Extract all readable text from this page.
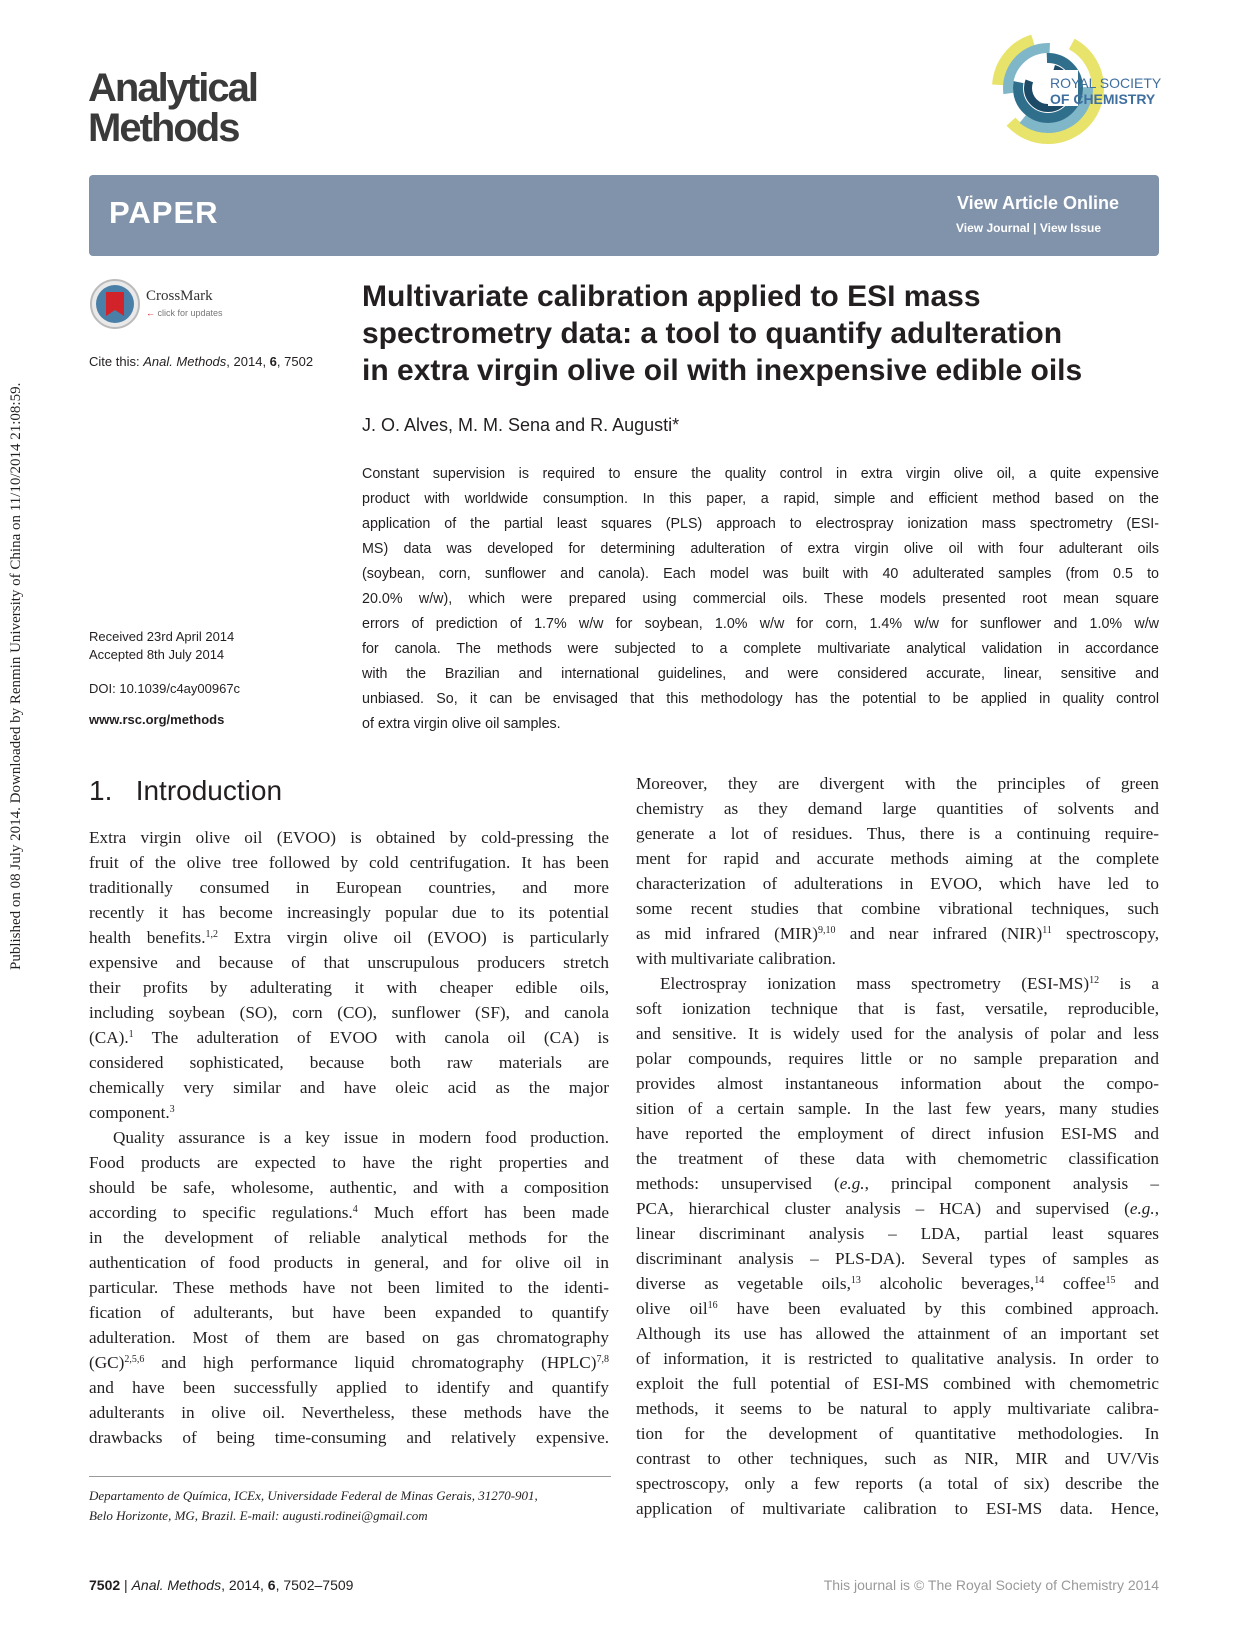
Analytical
Methods
ROYAL SOCIETY
OF CHEMISTRY
PAPER	View Article Online
View Journal | View Issue
Published on 08 July 2014. Downloaded by Renmin University of China on 11/10/2014 21:08:59.
CrossMark
← click for updates
Cite this: Anal. Methods, 2014, 6, 7502
Received 23rd April 2014
Accepted 8th July 2014
DOI: 10.1039/c4ay00967c
www.rsc.org/methods
Multivariate calibration applied to ESI mass
spectrometry data: a tool to quantify adulteration
in extra virgin olive oil with inexpensive edible oils
J. O. Alves, M. M. Sena and R. Augusti*
Constant supervision is required to ensure the quality control in extra virgin olive oil, a quite expensive
product with worldwide consumption. In this paper, a rapid, simple and efficient method based on the
application of the partial least squares (PLS) approach to electrospray ionization mass spectrometry (ESI-
MS) data was developed for determining adulteration of extra virgin olive oil with four adulterant oils
(soybean, corn, sunflower and canola). Each model was built with 40 adulterated samples (from 0.5 to
20.0% w/w), which were prepared using commercial oils. These models presented root mean square
errors of prediction of 1.7% w/w for soybean, 1.0% w/w for corn, 1.4% w/w for sunflower and 1.0% w/w
for canola. The methods were subjected to a complete multivariate analytical validation in accordance
with the Brazilian and international guidelines, and were considered accurate, linear, sensitive and
unbiased. So, it can be envisaged that this methodology has the potential to be applied in quality control
of extra virgin olive oil samples.
1. Introduction
Extra virgin olive oil (EVOO) is obtained by cold-pressing the
fruit of the olive tree followed by cold centrifugation. It has been
traditionally consumed in European countries, and more
recently it has become increasingly popular due to its potential
health benefits.$^{1,2}$ Extra virgin olive oil (EVOO) is particularly
expensive and because of that unscrupulous producers stretch
their profits by adulterating it with cheaper edible oils,
including soybean (SO), corn (CO), sunflower (SF), and canola
(CA).$^1$ The adulteration of EVOO with canola oil (CA) is
considered sophisticated, because both raw materials are
chemically very similar and have oleic acid as the major
component.$^3$
Quality assurance is a key issue in modern food production.
Food products are expected to have the right properties and
should be safe, wholesome, authentic, and with a composition
according to specific regulations.$^4$ Much effort has been made
in the development of reliable analytical methods for the
authentication of food products in general, and for olive oil in
particular. These methods have not been limited to the identi-
fication of adulterants, but have been expanded to quantify
adulteration. Most of them are based on gas chromatography
(GC)$^{2,5,6}$ and high performance liquid chromatography (HPLC)$^{7,8}$
and have been successfully applied to identify and quantify
adulterants in olive oil. Nevertheless, these methods have the
drawbacks of being time-consuming and relatively expensive.
Moreover, they are divergent with the principles of green
chemistry as they demand large quantities of solvents and
generate a lot of residues. Thus, there is a continuing require-
ment for rapid and accurate methods aiming at the complete
characterization of adulterations in EVOO, which have led to
some recent studies that combine vibrational techniques, such
as mid infrared (MIR)$^{9,10}$ and near infrared (NIR)$^{11}$ spectroscopy,
with multivariate calibration.
Electrospray ionization mass spectrometry $(ESI-MS)^{12}$ is a
soft ionization technique that is fast, versatile, reproducible,
and sensitive. It is widely used for the analysis of polar and less
polar compounds, requires little or no sample preparation and
provides almost instantaneous information about the compo-
sition of a certain sample. In the last few years, many studies
have reported the employment of direct infusion ESI-MS and
the treatment of these data with chemometric classification
methods: unsupervised (e.g., principal component analysis –
PCA, hierarchical cluster analysis – HCA) and supervised (e.g.,
linear discriminant analysis – LDA, partial least squares
discriminant analysis – PLS-DA). Several types of samples as
diverse as vegetable oils,$^{13}$ alcoholic beverages,$^{14}$ coffee$^{15}$ and
olive oil$^{16}$ have been evaluated by this combined approach.
Although its use has allowed the attainment of an important set
of information, it is restricted to qualitative analysis. In order to
exploit the full potential of ESI-MS combined with chemometric
methods, it seems to be natural to apply multivariate calibra-
tion for the development of quantitative methodologies. In
contrast to other techniques, such as NIR, MIR and UV/Vis
spectroscopy, only a few reports (a total of six) describe the
application of multivariate calibration to ESI-MS data. Hence,
Departamento de Química, ICEx, Universidade Federal de Minas Gerais, 31270-901,
Belo Horizonte, MG, Brazil. E-mail: augusti.rodinei@gmail.com
7502 | Anal. Methods, 2014, 6, 7502–7509	This journal is © The Royal Society of Chemistry 2014
